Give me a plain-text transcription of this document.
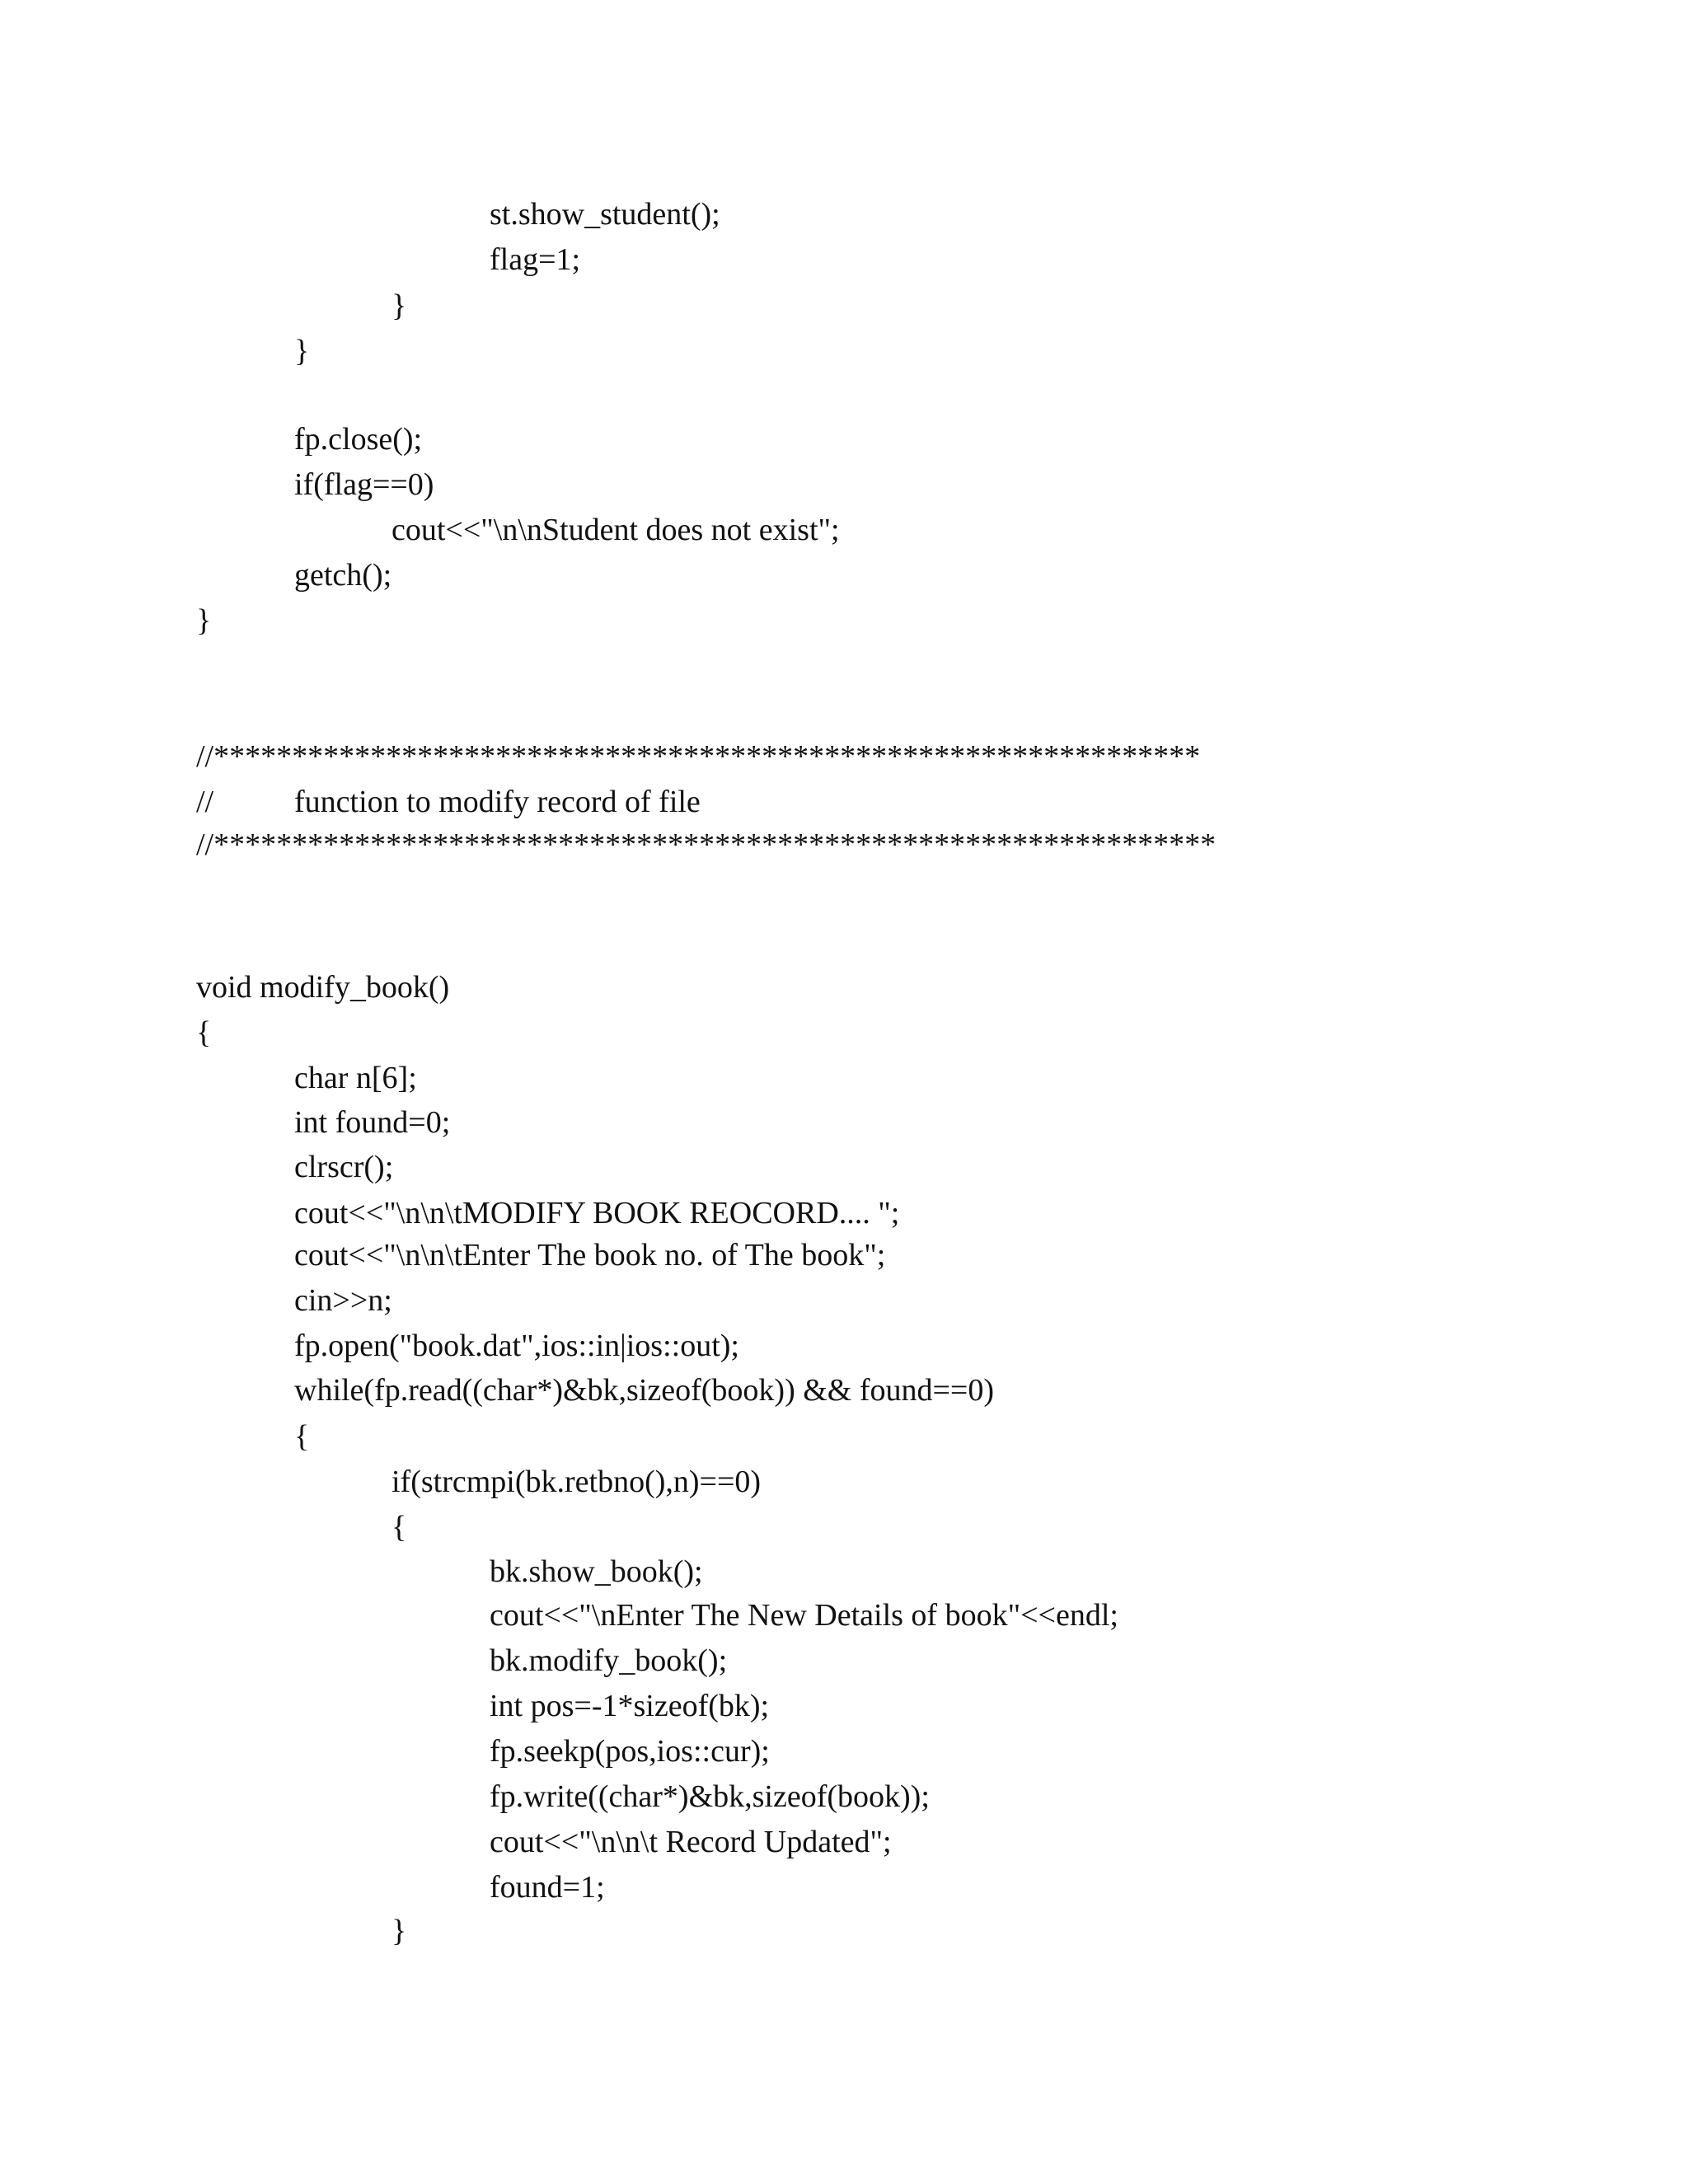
st.show_student();
flag=1;
}
}
fp.close();
if(flag==0)
cout<<"\n\nStudent does not exist";
getch();
}
//***************************************************************
//	function to modify record of file
//****************************************************************
void modify_book()
{
char n[6];
int found=0;
clrscr();
cout<<"\n\n\tMODIFY BOOK REOCORD.... ";
cout<<"\n\n\tEnter The book no. of The book";
cin>>n;
fp.open("book.dat",ios::in|ios::out);
while(fp.read((char*)&bk,sizeof(book)) && found==0)
{
if(strcmpi(bk.retbno(),n)==0)
{
bk.show_book();
cout<<"\nEnter The New Details of book"<<endl;
bk.modify_book();
int pos=-1*sizeof(bk);
fp.seekp(pos,ios::cur);
fp.write((char*)&bk,sizeof(book));
cout<<"\n\n\t Record Updated";
found=1;
}
